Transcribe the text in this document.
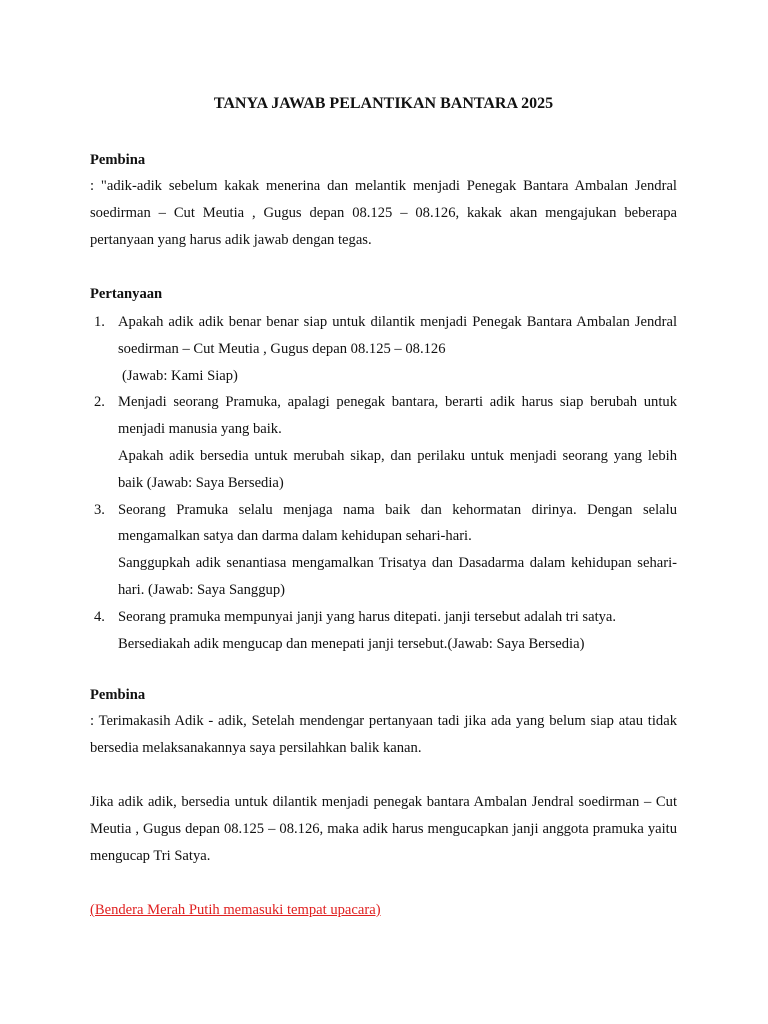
TANYA JAWAB PELANTIKAN BANTARA 2025

Pembina

: "adik-adik sebelum kakak menerina dan melantik menjadi Penegak Bantara Ambalan Jendral soedirman – Cut Meutia , Gugus depan 08.125 – 08.126, kakak akan mengajukan beberapa pertanyaan yang harus adik jawab dengan tegas.

Pertanyaan

1. Apakah adik adik benar benar siap untuk dilantik menjadi Penegak Bantara Ambalan Jendral soedirman – Cut Meutia , Gugus depan 08.125 – 08.126
(Jawab: Kami Siap)
2. Menjadi seorang Pramuka, apalagi penegak bantara, berarti adik harus siap berubah untuk menjadi manusia yang baik.
Apakah adik bersedia untuk merubah sikap, dan perilaku untuk menjadi seorang yang lebih baik (Jawab: Saya Bersedia)
3. Seorang Pramuka selalu menjaga nama baik dan kehormatan dirinya. Dengan selalu mengamalkan satya dan darma dalam kehidupan sehari-hari.
Sanggupkah adik senantiasa mengamalkan Trisatya dan Dasadarma dalam kehidupan sehari-hari. (Jawab: Saya Sanggup)
4. Seorang pramuka mempunyai janji yang harus ditepati. janji tersebut adalah tri satya.
Bersediakah adik mengucap dan menepati janji tersebut.(Jawab: Saya Bersedia)

Pembina

: Terimakasih Adik - adik, Setelah mendengar pertanyaan tadi jika ada yang belum siap atau tidak bersedia melaksanakannya saya persilahkan balik kanan.

Jika adik adik, bersedia untuk dilantik menjadi penegak bantara Ambalan Jendral soedirman – Cut Meutia , Gugus depan 08.125 – 08.126, maka adik harus mengucapkan janji anggota pramuka yaitu mengucap Tri Satya.

(Bendera Merah Putih memasuki tempat upacara)
